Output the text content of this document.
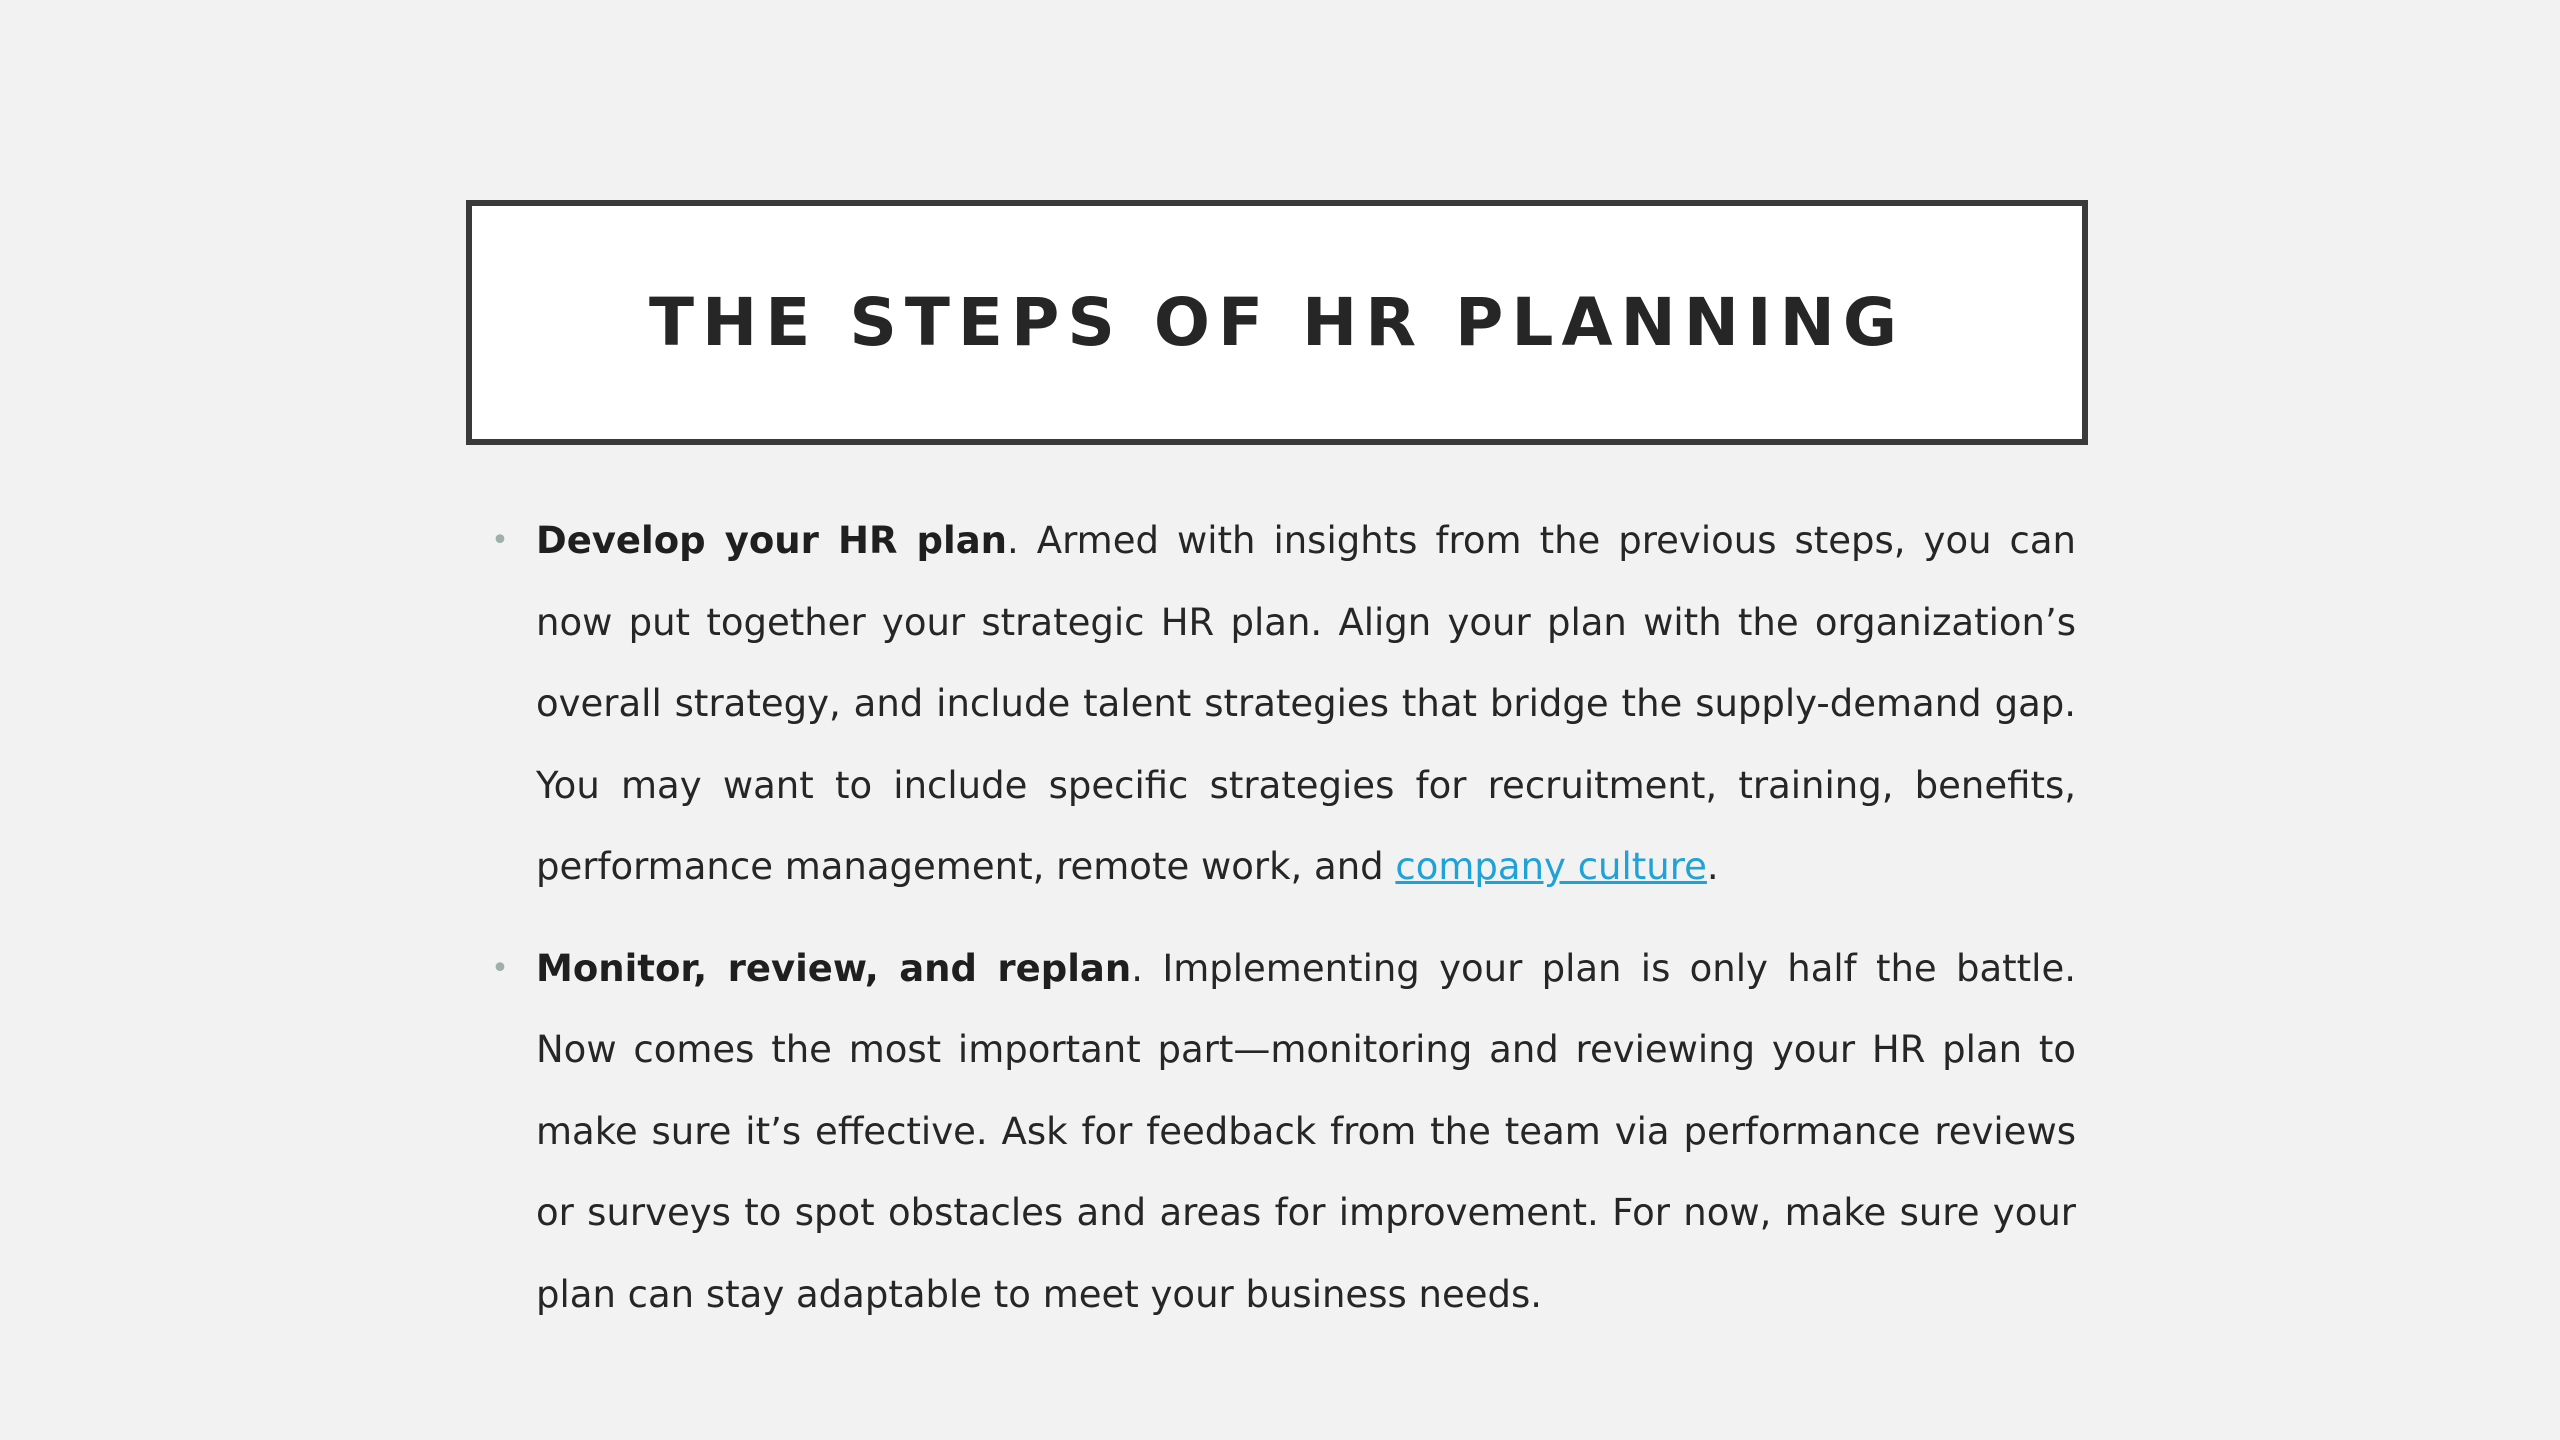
THE STEPS OF HR PLANNING
• Develop your HR plan. Armed with insights from the previous steps, you can now put together your strategic HR plan. Align your plan with the organization’s overall strategy, and include talent strategies that bridge the supply-demand gap. You may want to include specific strategies for recruitment, training, benefits, performance management, remote work, and company culture.
• Monitor, review, and replan. Implementing your plan is only half the battle. Now comes the most important part—monitoring and reviewing your HR plan to make sure it’s effective. Ask for feedback from the team via performance reviews or surveys to spot obstacles and areas for improvement. For now, make sure your plan can stay adaptable to meet your business needs.
